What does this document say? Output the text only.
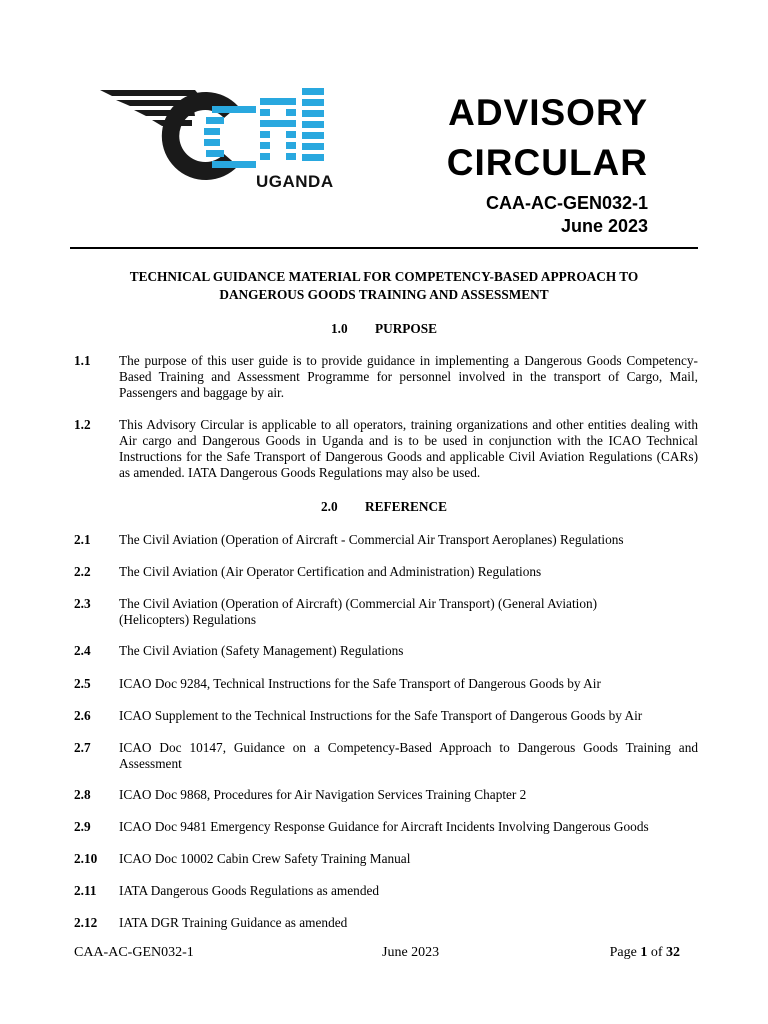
UGANDA
ADVISORY
CIRCULAR
CAA-AC-GEN032-1
June 2023
TECHNICAL GUIDANCE MATERIAL FOR COMPETENCY-BASED APPROACH TO
DANGEROUS GOODS TRAINING AND ASSESSMENT
1.0 PURPOSE
1.1 The purpose of this user guide is to provide guidance in implementing a Dangerous Goods Competency-Based Training and Assessment Programme for personnel involved in the transport of Cargo, Mail, Passengers and baggage by air.
1.2 This Advisory Circular is applicable to all operators, training organizations and other entities dealing with Air cargo and Dangerous Goods in Uganda and is to be used in conjunction with the ICAO Technical Instructions for the Safe Transport of Dangerous Goods and applicable Civil Aviation Regulations (CARs) as amended. IATA Dangerous Goods Regulations may also be used.
2.0 REFERENCE
2.1 The Civil Aviation (Operation of Aircraft - Commercial Air Transport Aeroplanes) Regulations
2.2 The Civil Aviation (Air Operator Certification and Administration) Regulations
2.3 The Civil Aviation (Operation of Aircraft) (Commercial Air Transport) (General Aviation) (Helicopters) Regulations
2.4 The Civil Aviation (Safety Management) Regulations
2.5 ICAO Doc 9284, Technical Instructions for the Safe Transport of Dangerous Goods by Air
2.6 ICAO Supplement to the Technical Instructions for the Safe Transport of Dangerous Goods by Air
2.7 ICAO Doc 10147, Guidance on a Competency-Based Approach to Dangerous Goods Training and Assessment
2.8 ICAO Doc 9868, Procedures for Air Navigation Services Training Chapter 2
2.9 ICAO Doc 9481 Emergency Response Guidance for Aircraft Incidents Involving Dangerous Goods
2.10 ICAO Doc 10002 Cabin Crew Safety Training Manual
2.11 IATA Dangerous Goods Regulations as amended
2.12 IATA DGR Training Guidance as amended
CAA-AC-GEN032-1	June 2023	Page 1 of 32
